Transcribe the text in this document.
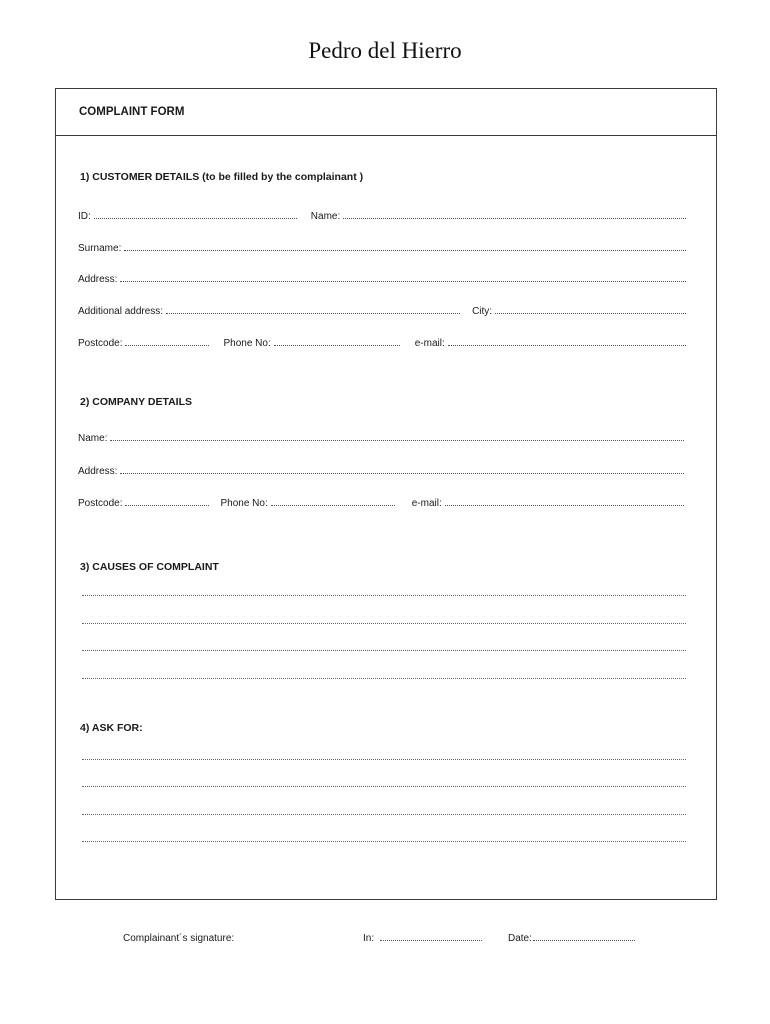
Pedro del Hierro
COMPLAINT FORM
1) CUSTOMER DETAILS (to be filled by the complainant )
ID:	Name:
Surname:
Address:
Additional address:	City:
Postcode:	Phone No:	e-mail:
2) COMPANY DETAILS
Name:
Address:
Postcode:	Phone No:	e-mail:
3) CAUSES OF COMPLAINT
4) ASK FOR:
Complainant´s signature:	In:	Date:
